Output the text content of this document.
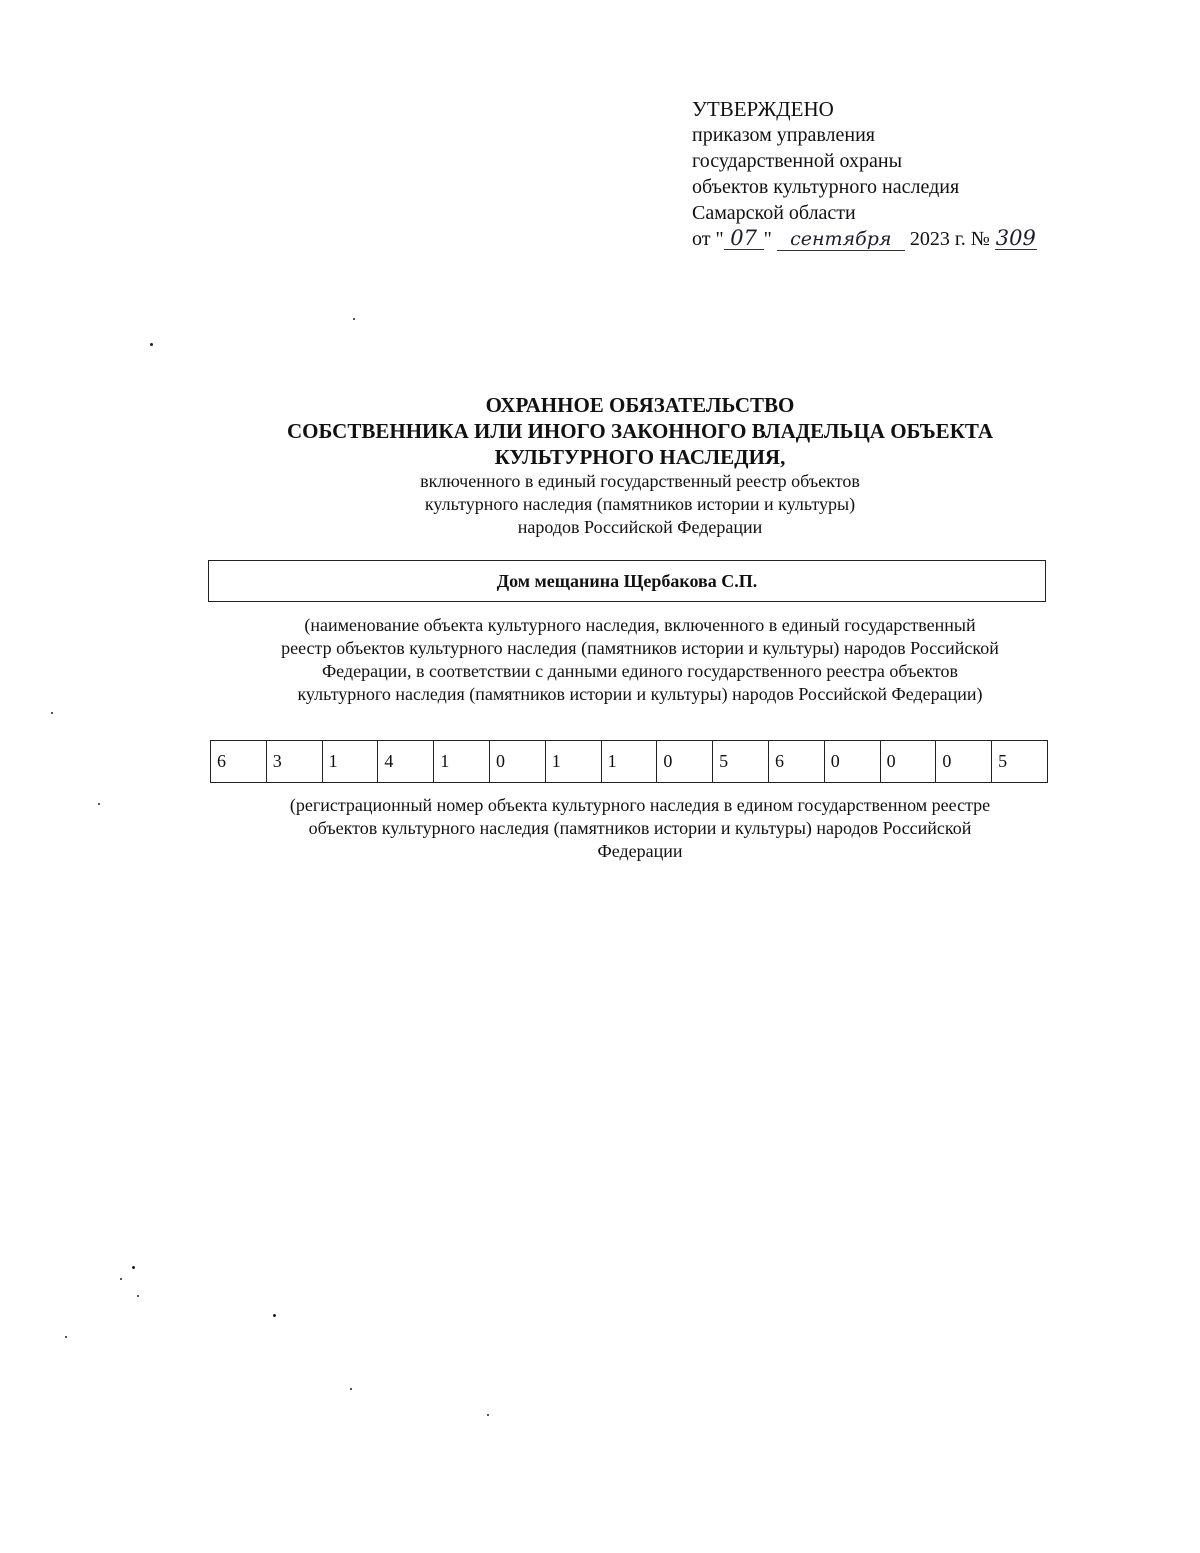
УТВЕРЖДЕНО
приказом управления
государственной охраны
объектов культурного наследия
Самарской области
от " 07 " сентября 2023 г. № 309
ОХРАННОЕ ОБЯЗАТЕЛЬСТВО
СОБСТВЕННИКА ИЛИ ИНОГО ЗАКОННОГО ВЛАДЕЛЬЦА ОБЪЕКТА
КУЛЬТУРНОГО НАСЛЕДИЯ,
включенного в единый государственный реестр объектов
культурного наследия (памятников истории и культуры)
народов Российской Федерации
Дом мещанина Щербакова С.П.
(наименование объекта культурного наследия, включенного в единый государственный
реестр объектов культурного наследия (памятников истории и культуры) народов Российской
Федерации, в соответствии с данными единого государственного реестра объектов
культурного наследия (памятников истории и культуры) народов Российской Федерации)
6	3	1	4	1	0	1	1	0	5	6	0	0	0	5
(регистрационный номер объекта культурного наследия в едином государственном реестре
объектов культурного наследия (памятников истории и культуры) народов Российской
Федерации
